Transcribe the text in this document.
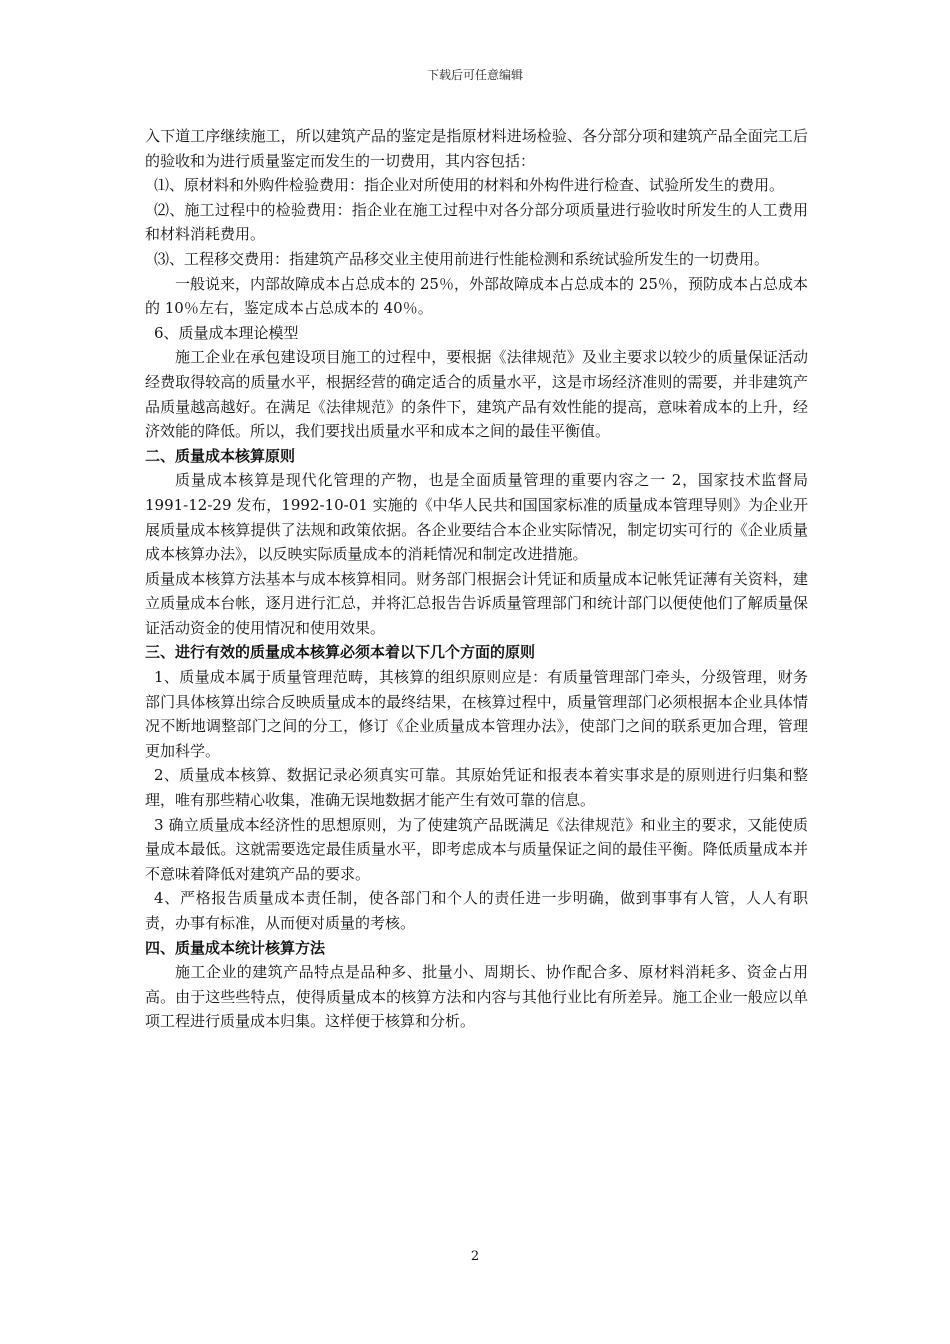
下载后可任意编辑

入下道工序继续施工，所以建筑产品的鉴定是指原材料进场检验、各分部分项和建筑产品全面完工后的验收和为进行质量鉴定而发生的一切费用，其内容包括：

⑴、原材料和外购件检验费用：指企业对所使用的材料和外构件进行检查、试验所发生的费用。

⑵、施工过程中的检验费用：指企业在施工过程中对各分部分项质量进行验收时所发生的人工费用和材料消耗费用。

⑶、工程移交费用：指建筑产品移交业主使用前进行性能检测和系统试验所发生的一切费用。

一般说来，内部故障成本占总成本的 25％，外部故障成本占总成本的 25％，预防成本占总成本的 10％左右，鉴定成本占总成本的 40％。

6、质量成本理论模型

施工企业在承包建设项目施工的过程中，要根据《法律规范》及业主要求以较少的质量保证活动经费取得较高的质量水平，根据经营的确定适合的质量水平，这是市场经济准则的需要，并非建筑产品质量越高越好。在满足《法律规范》的条件下，建筑产品有效性能的提高，意味着成本的上升，经济效能的降低。所以，我们要找出质量水平和成本之间的最佳平衡值。

二、质量成本核算原则

质量成本核算是现代化管理的产物，也是全面质量管理的重要内容之一 2，国家技术监督局 1991-12-29 发布，1992-10-01 实施的《中华人民共和国国家标准的质量成本管理导则》为企业开展质量成本核算提供了法规和政策依据。各企业要结合本企业实际情况，制定切实可行的《企业质量成本核算办法》，以反映实际质量成本的消耗情况和制定改进措施。

质量成本核算方法基本与成本核算相同。财务部门根据会计凭证和质量成本记帐凭证薄有关资料，建立质量成本台帐，逐月进行汇总，并将汇总报告告诉质量管理部门和统计部门以便使他们了解质量保证活动资金的使用情况和使用效果。

三、进行有效的质量成本核算必须本着以下几个方面的原则

1、质量成本属于质量管理范畴，其核算的组织原则应是：有质量管理部门牵头，分级管理，财务部门具体核算出综合反映质量成本的最终结果，在核算过程中，质量管理部门必须根据本企业具体情况不断地调整部门之间的分工，修订《企业质量成本管理办法》，使部门之间的联系更加合理，管理更加科学。

2、质量成本核算、数据记录必须真实可靠。其原始凭证和报表本着实事求是的原则进行归集和整理，唯有那些精心收集，准确无误地数据才能产生有效可靠的信息。

3 确立质量成本经济性的思想原则，为了使建筑产品既满足《法律规范》和业主的要求，又能使质量成本最低。这就需要选定最佳质量水平，即考虑成本与质量保证之间的最佳平衡。降低质量成本并不意味着降低对建筑产品的要求。

4、严格报告质量成本责任制，使各部门和个人的责任进一步明确，做到事事有人管，人人有职责，办事有标准，从而便对质量的考核。

四、质量成本统计核算方法

施工企业的建筑产品特点是品种多、批量小、周期长、协作配合多、原材料消耗多、资金占用高。由于这些些特点，使得质量成本的核算方法和内容与其他行业比有所差异。施工企业一般应以单项工程进行质量成本归集。这样便于核算和分析。

2
